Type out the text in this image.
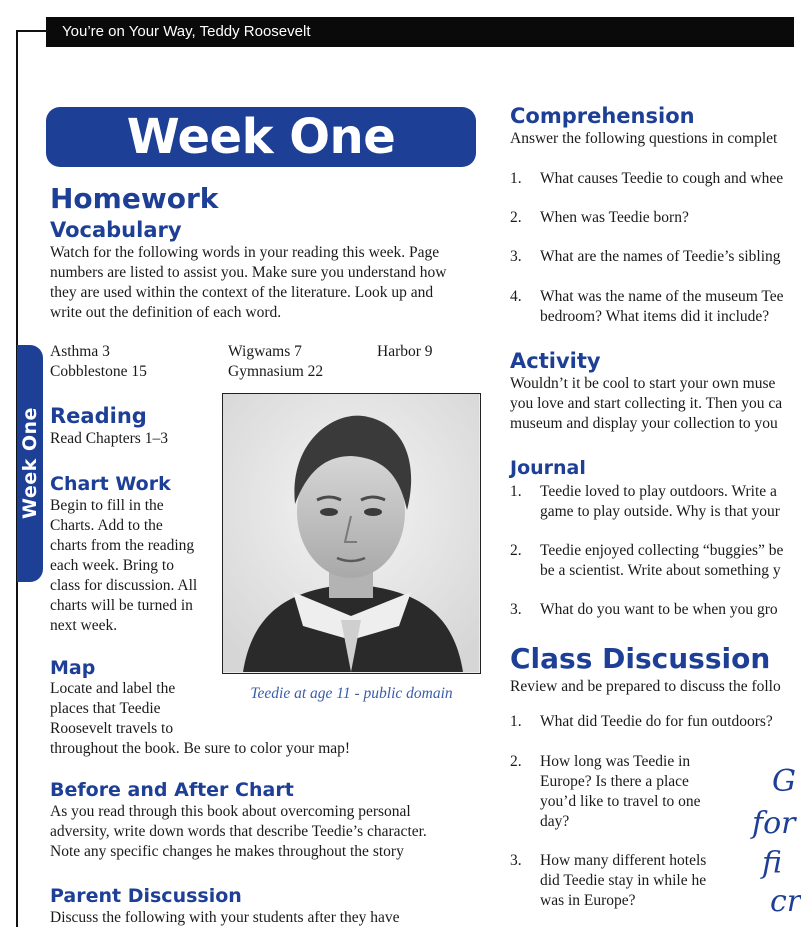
You’re on Your Way, Teddy Roosevelt
Week One
Week One
Homework
Vocabulary
Watch for the following words in your reading this week. Page
numbers are listed to assist you. Make sure you understand how
they are used within the context of the literature. Look up and
write out the definition of each word.
Asthma 3
Cobblestone 15
Wigwams 7
Gymnasium 22
Harbor 9
Reading
Read Chapters 1–3
Chart Work
Begin to fill in the
Charts. Add to the
charts from the reading
each week. Bring to
class for discussion. All
charts will be turned in
next week.
Teedie at age 11 - public domain
Map
Locate and label the
places that Teedie
Roosevelt travels to
throughout the book. Be sure to color your map!
Before and After Chart
As you read through this book about overcoming personal
adversity, write down words that describe Teedie’s character.
Note any specific changes he makes throughout the story
Parent Discussion
Discuss the following with your students after they have
Comprehension
Answer the following questions in complet
1. What causes Teedie to cough and whee
2. When was Teedie born?
3. What are the names of Teedie’s sibling
4. What was the name of the museum Tee
bedroom? What items did it include?
Activity
Wouldn’t it be cool to start your own muse
you love and start collecting it. Then you ca
museum and display your collection to you
Journal
1. Teedie loved to play outdoors. Write a
game to play outside. Why is that your
2. Teedie enjoyed collecting “buggies” be
be a scientist. Write about something y
3. What do you want to be when you gro
Class Discussion
Review and be prepared to discuss the follo
1. What did Teedie do for fun outdoors?
2. How long was Teedie in
Europe? Is there a place
you’d like to travel to one
day?
3. How many different hotels
did Teedie stay in while he
was in Europe?
G
for
fi
cr
